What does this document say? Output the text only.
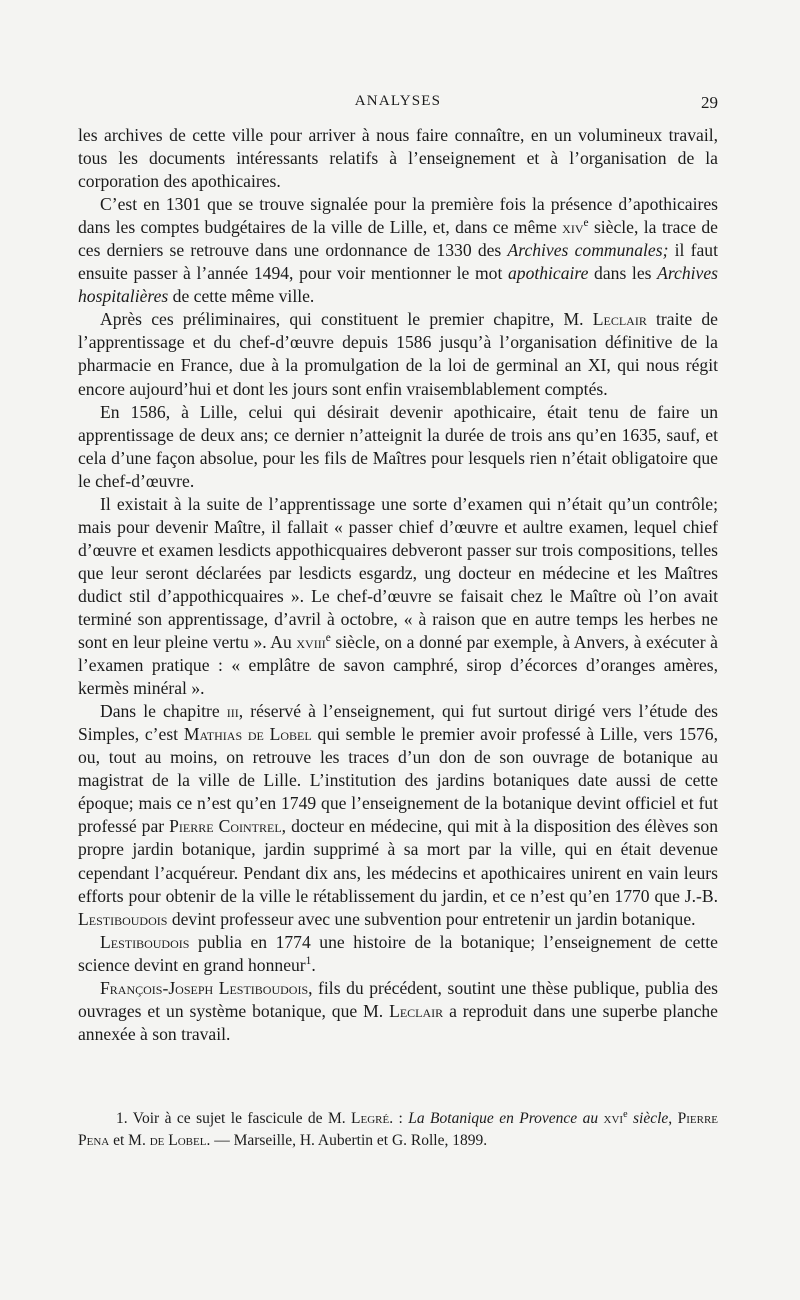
ANALYSES	29

les archives de cette ville pour arriver à nous faire connaître, en un volumineux travail, tous les documents intéressants relatifs à l’enseignement et à l’organisation de la corporation des apothicaires.

C’est en 1301 que se trouve signalée pour la première fois la présence d’apothicaires dans les comptes budgétaires de la ville de Lille, et, dans ce même xiv$^e$ siècle, la trace de ces derniers se retrouve dans une ordonnance de 1330 des Archives communales; il faut ensuite passer à l’année 1494, pour voir mentionner le mot apothicaire dans les Archives hospitalières de cette même ville.

Après ces préliminaires, qui constituent le premier chapitre, M. Leclair traite de l’apprentissage et du chef-d’œuvre depuis 1586 jusqu’à l’organisation définitive de la pharmacie en France, due à la promulgation de la loi de germinal an XI, qui nous régit encore aujourd’hui et dont les jours sont enfin vraisemblablement comptés.

En 1586, à Lille, celui qui désirait devenir apothicaire, était tenu de faire un apprentissage de deux ans; ce dernier n’atteignit la durée de trois ans qu’en 1635, sauf, et cela d’une façon absolue, pour les fils de Maîtres pour lesquels rien n’était obligatoire que le chef-d’œuvre.

Il existait à la suite de l’apprentissage une sorte d’examen qui n’était qu’un contrôle; mais pour devenir Maître, il fallait « passer chief d’œuvre et aultre examen, lequel chief d’œuvre et examen lesdicts appothicquaires debveront passer sur trois compositions, telles que leur seront déclarées par lesdicts esgardz, ung docteur en médecine et les Maîtres dudict stil d’appothicquaires ». Le chef-d’œuvre se faisait chez le Maître où l’on avait terminé son apprentissage, d’avril à octobre, « à raison que en autre temps les herbes ne sont en leur pleine vertu ». Au xviii$^e$ siècle, on a donné par exemple, à Anvers, à exécuter à l’examen pratique : « emplâtre de savon camphré, sirop d’écorces d’oranges amères, kermès minéral ».

Dans le chapitre iii, réservé à l’enseignement, qui fut surtout dirigé vers l’étude des Simples, c’est Mathias de Lobel qui semble le premier avoir professé à Lille, vers 1576, ou, tout au moins, on retrouve les traces d’un don de son ouvrage de botanique au magistrat de la ville de Lille. L’institution des jardins botaniques date aussi de cette époque; mais ce n’est qu’en 1749 que l’enseignement de la botanique devint officiel et fut professé par Pierre Cointrel, docteur en médecine, qui mit à la disposition des élèves son propre jardin botanique, jardin supprimé à sa mort par la ville, qui en était devenue cependant l’acquéreur. Pendant dix ans, les médecins et apothicaires unirent en vain leurs efforts pour obtenir de la ville le rétablissement du jardin, et ce n’est qu’en 1770 que J.-B. Lestiboudois devint professeur avec une subvention pour entretenir un jardin botanique.

Lestiboudois publia en 1774 une histoire de la botanique; l’enseignement de cette science devint en grand honneur$^1$.

François-Joseph Lestiboudois, fils du précédent, soutint une thèse publique, publia des ouvrages et un système botanique, que M. Leclair a reproduit dans une superbe planche annexée à son travail.

1. Voir à ce sujet le fascicule de M. Legré. : La Botanique en Provence au xvi$^e$ siècle, Pierre Pena et M. de Lobel. — Marseille, H. Aubertin et G. Rolle, 1899.
